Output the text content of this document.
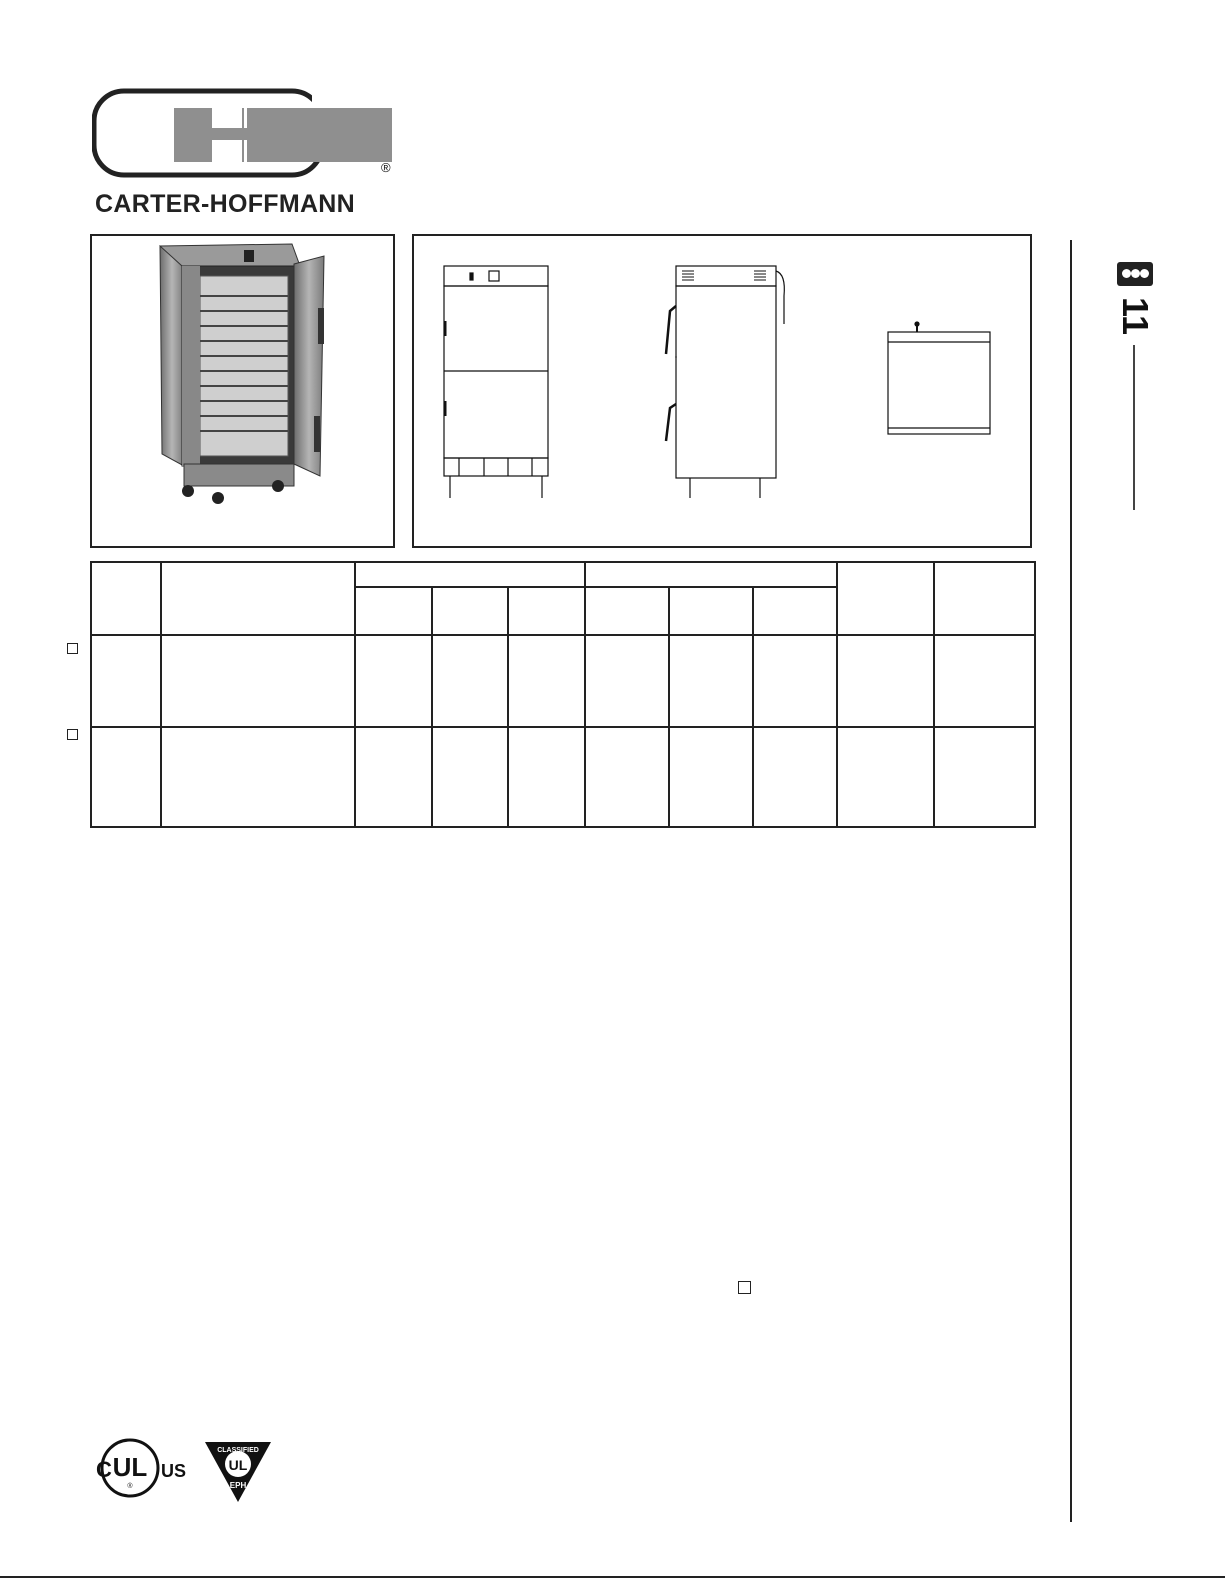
®
CARTER-HOFFMANN
11

C UL
®
US
CLASSIFIED
UL
EPH
